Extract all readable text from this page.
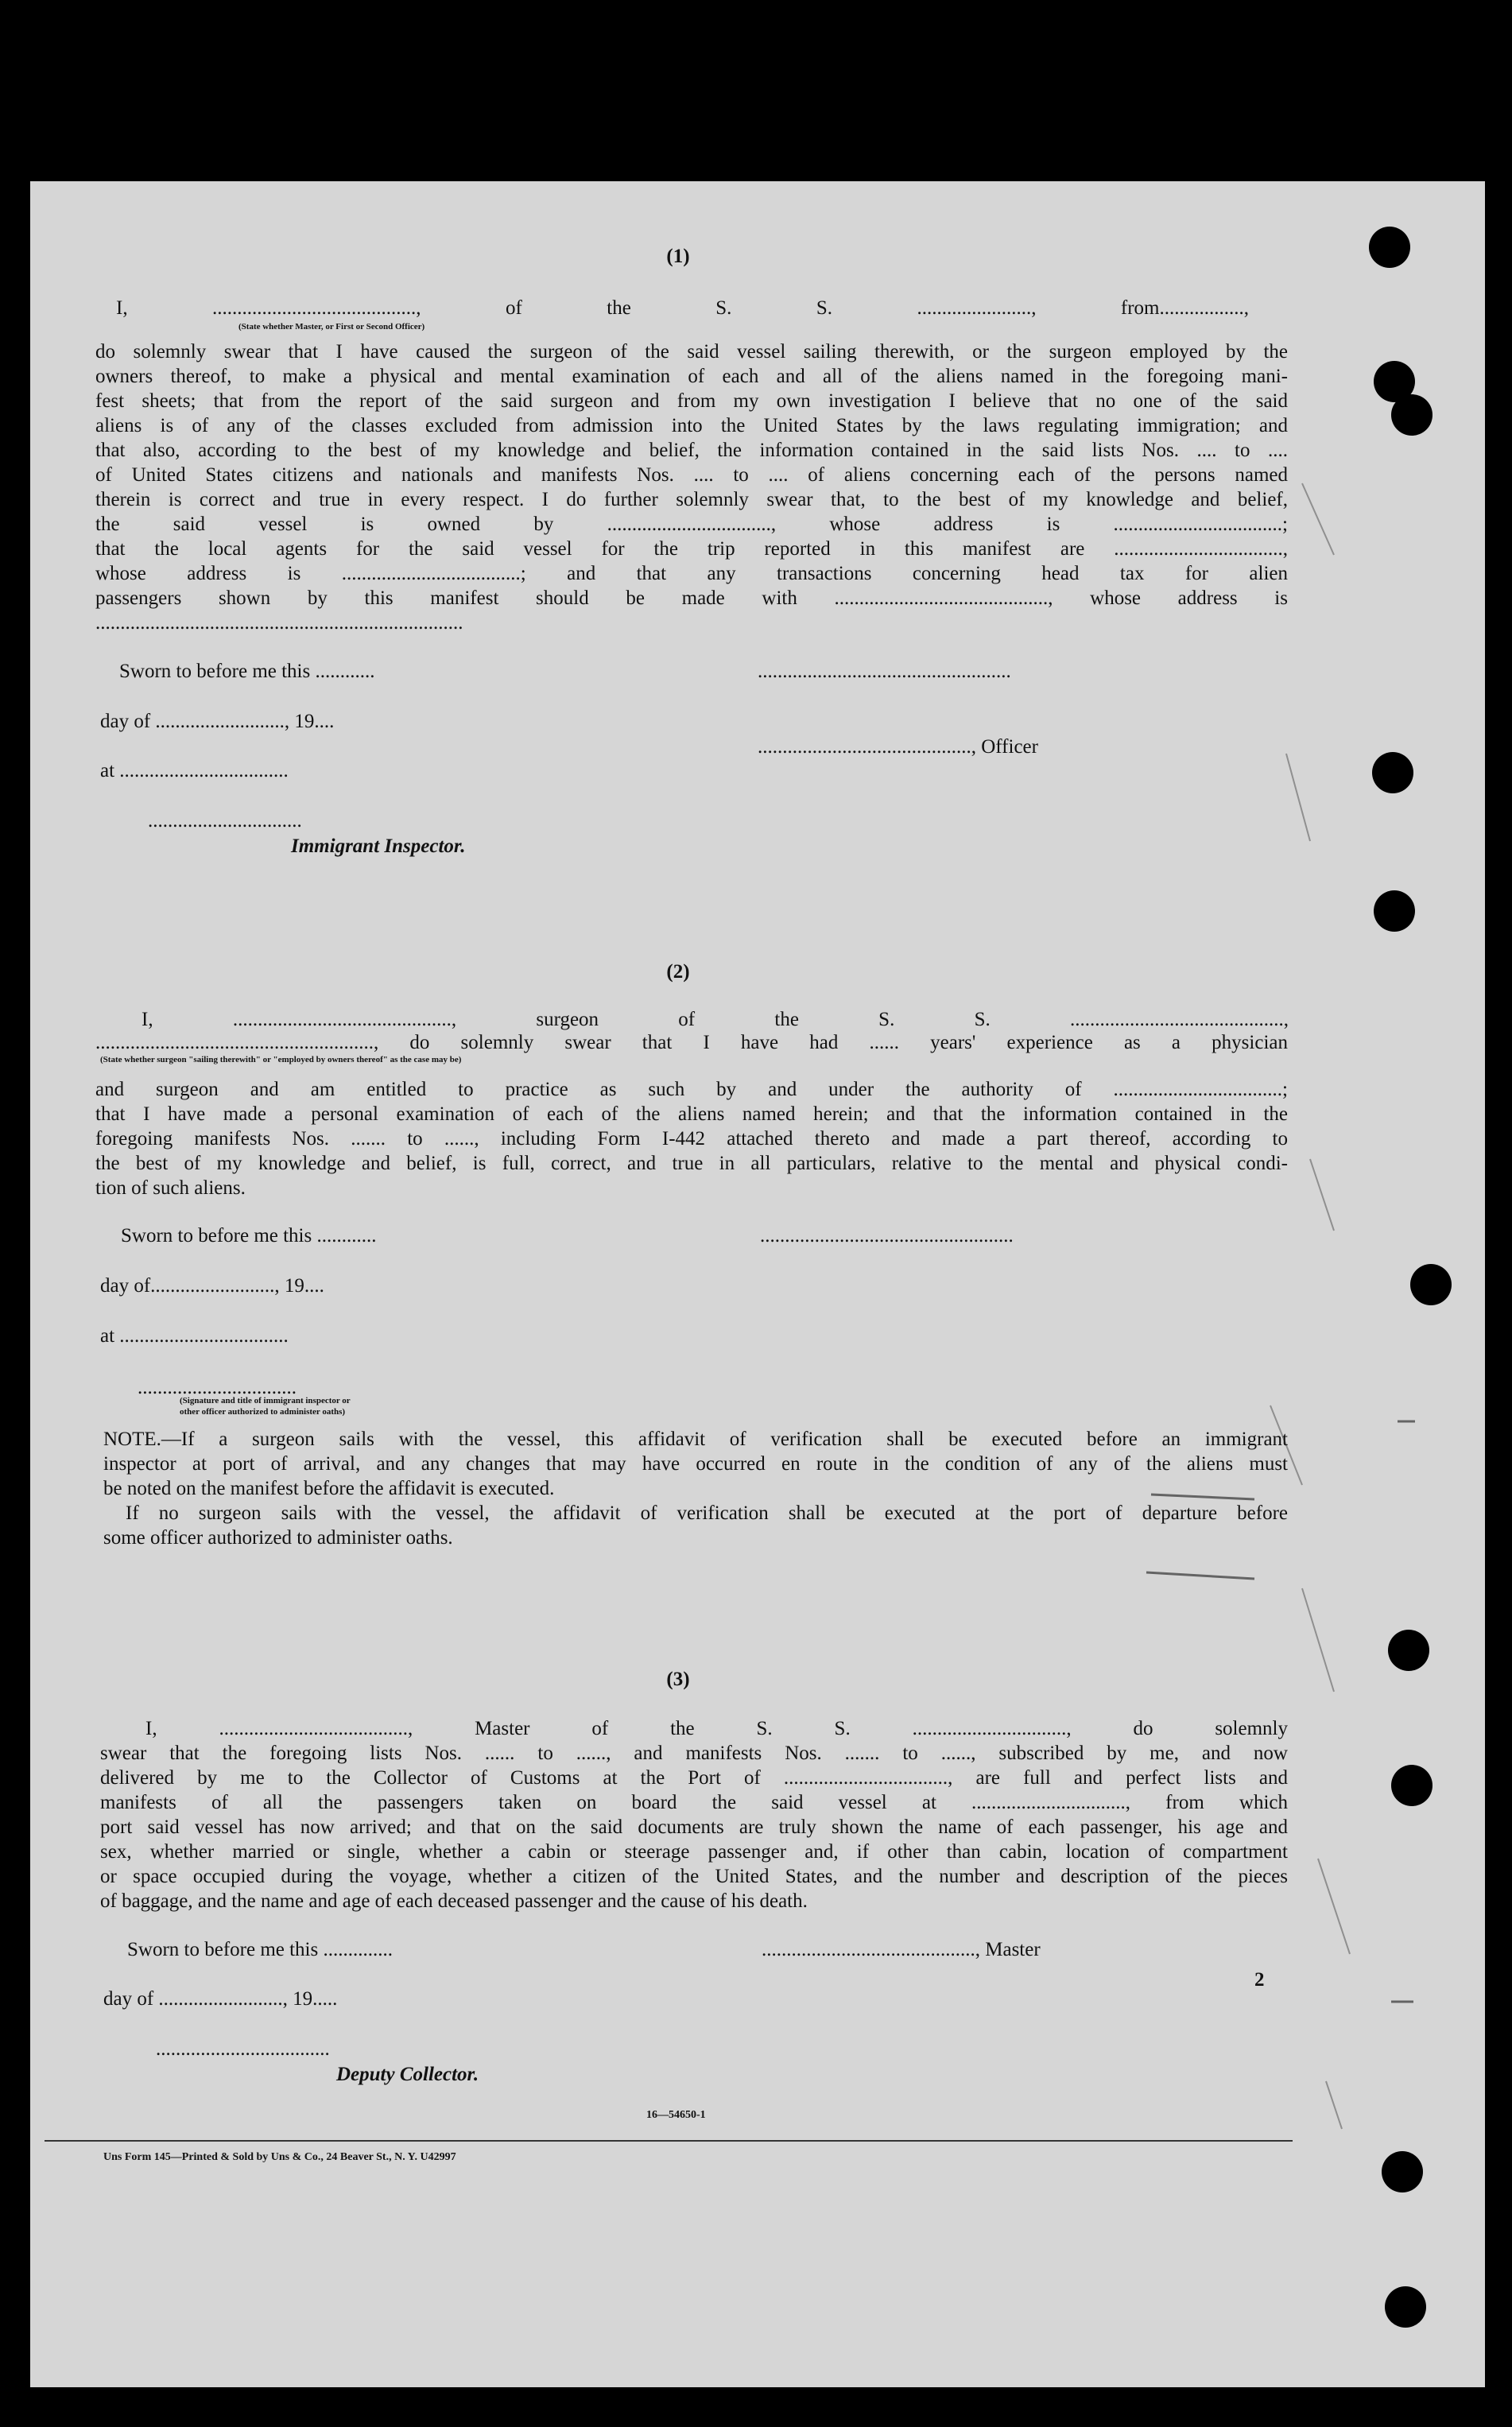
(1)
I, ........................................., of the S. S. ......................., from.................,
(State whether Master, or First or Second Officer)
do solemnly swear that I have caused the surgeon of the said vessel sailing therewith, or the surgeon employed by the
owners thereof, to make a physical and mental examination of each and all of the aliens named in the foregoing mani-
fest sheets; that from the report of the said surgeon and from my own investigation I believe that no one of the said
aliens is of any of the classes excluded from admission into the United States by the laws regulating immigration; and
that also, according to the best of my knowledge and belief, the information contained in the said lists Nos. .... to ....
of United States citizens and nationals and manifests Nos. .... to .... of aliens concerning each of the persons named
therein is correct and true in every respect. I do further solemnly swear that, to the best of my knowledge and belief,
the said vessel is owned by ................................., whose address is ..................................;
that the local agents for the said vessel for the trip reported in this manifest are ..................................,
whose address is ....................................; and that any transactions concerning head tax for alien
passengers shown by this manifest should be made with ..........................................., whose address is
..........................................................................
Sworn to before me this ............	...................................................
day of .........................., 19....
..........................................., Officer
at ..................................
...............................
Immigrant Inspector.
(2)
I, ............................................, surgeon of the S. S. ...........................................,
........................................................, do solemnly swear that I have had ...... years' experience as a physician
(State whether surgeon "sailing therewith" or "employed by owners thereof" as the case may be)
and surgeon and am entitled to practice as such by and under the authority of ..................................;
that I have made a personal examination of each of the aliens named herein; and that the information contained in the
foregoing manifests Nos. ....... to ......, including Form I-442 attached thereto and made a part thereof, according to
the best of my knowledge and belief, is full, correct, and true in all particulars, relative to the mental and physical condi-
tion of such aliens.
Sworn to before me this ............	...................................................
day of........................., 19....
at ..................................
................................
(Signature and title of immigrant inspector or
other officer authorized to administer oaths)
NOTE.—If a surgeon sails with the vessel, this affidavit of verification shall be executed before an immigrant
inspector at port of arrival, and any changes that may have occurred en route in the condition of any of the aliens must
be noted on the manifest before the affidavit is executed.
If no surgeon sails with the vessel, the affidavit of verification shall be executed at the port of departure before
some officer authorized to administer oaths.
(3)
I, ......................................, Master of the S. S. ..............................., do solemnly
swear that the foregoing lists Nos. ...... to ......, and manifests Nos. ....... to ......, subscribed by me, and now
delivered by me to the Collector of Customs at the Port of ................................., are full and perfect lists and
manifests of all the passengers taken on board the said vessel at ..............................., from which
port said vessel has now arrived; and that on the said documents are truly shown the name of each passenger, his age and
sex, whether married or single, whether a cabin or steerage passenger and, if other than cabin, location of compartment
or space occupied during the voyage, whether a citizen of the United States, and the number and description of the pieces
of baggage, and the name and age of each deceased passenger and the cause of his death.
Sworn to before me this ..............	..........................................., Master
2
day of ........................., 19.....
...................................
Deputy Collector.
16—54650-1
Uns Form 145—Printed & Sold by Uns & Co., 24 Beaver St., N. Y. U42997
